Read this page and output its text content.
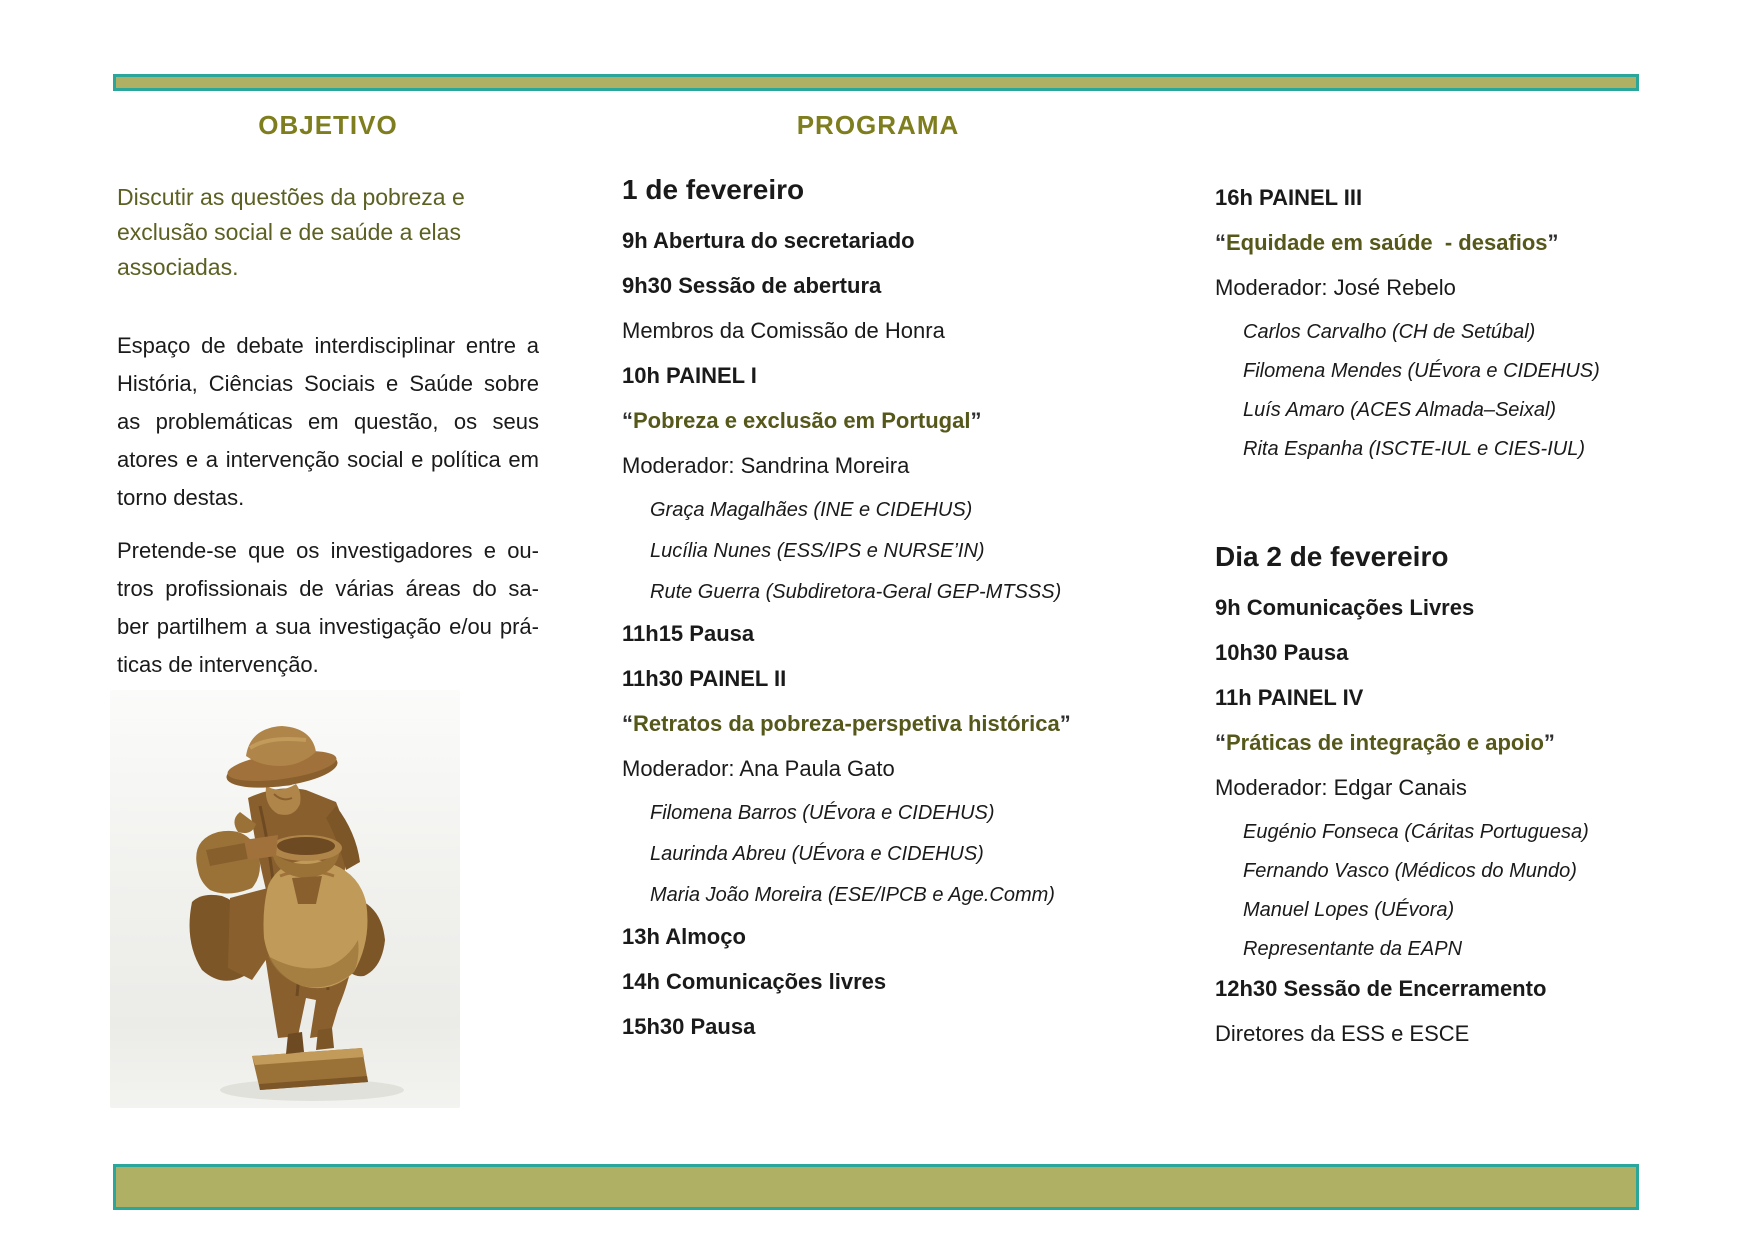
OBJETIVO
Discutir as questões da pobreza e
exclusão social e de saúde a elas
associadas.
Espaço de debate interdisciplinar entre a
História, Ciências Sociais e Saúde sobre
as problemáticas em questão, os seus
atores e a intervenção social e política em
torno destas.
Pretende-se que os investigadores e ou-
tros profissionais de várias áreas do sa-
ber partilhem a sua investigação e/ou prá-
ticas de intervenção.
PROGRAMA
1 de fevereiro
9h Abertura do secretariado
9h30 Sessão de abertura
Membros da Comissão de Honra
10h PAINEL I
“Pobreza e exclusão em Portugal”
Moderador: Sandrina Moreira
Graça Magalhães (INE e CIDEHUS)
Lucília Nunes (ESS/IPS e NURSE’IN)
Rute Guerra (Subdiretora-Geral GEP-MTSSS)
11h15 Pausa
11h30 PAINEL II
“Retratos da pobreza-perspetiva histórica”
Moderador: Ana Paula Gato
Filomena Barros (UÉvora e CIDEHUS)
Laurinda Abreu (UÉvora e CIDEHUS)
Maria João Moreira (ESE/IPCB e Age.Comm)
13h Almoço
14h Comunicações livres
15h30 Pausa
16h PAINEL III
“Equidade em saúde  - desafios”
Moderador: José Rebelo
Carlos Carvalho (CH de Setúbal)
Filomena Mendes (UÉvora e CIDEHUS)
Luís Amaro (ACES Almada–Seixal)
Rita Espanha (ISCTE-IUL e CIES-IUL)
Dia 2 de fevereiro
9h Comunicações Livres
10h30 Pausa
11h PAINEL IV
“Práticas de integração e apoio”
Moderador: Edgar Canais
Eugénio Fonseca (Cáritas Portuguesa)
Fernando Vasco (Médicos do Mundo)
Manuel Lopes (UÉvora)
Representante da EAPN
12h30 Sessão de Encerramento
Diretores da ESS e ESCE
